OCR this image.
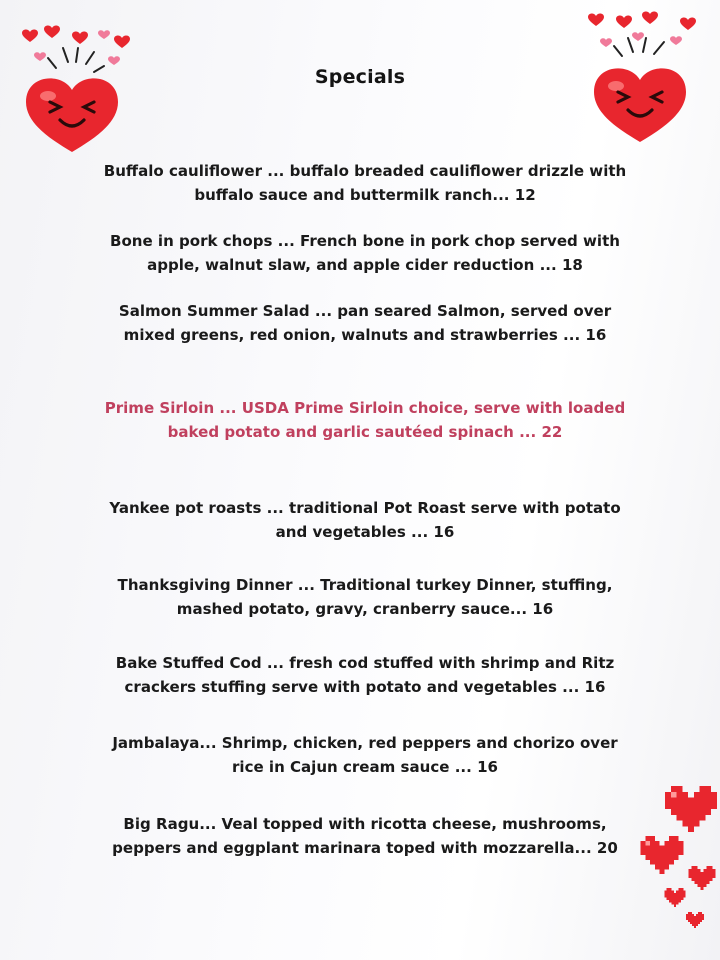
Specials
Buffalo cauliflower ... buffalo breaded cauliflower drizzle with
buffalo sauce and buttermilk ranch... 12
Bone in pork chops ... French bone in pork chop served with
apple, walnut slaw, and apple cider reduction ... 18
Salmon Summer Salad ... pan seared Salmon, served over
mixed greens, red onion, walnuts and strawberries ... 16
Prime Sirloin ... USDA Prime Sirloin choice, serve with loaded
baked potato and garlic sautéed spinach ... 22
Yankee pot roasts ... traditional Pot Roast serve with potato
and vegetables ... 16
Thanksgiving Dinner ... Traditional turkey Dinner, stuffing,
mashed potato, gravy, cranberry sauce... 16
Bake Stuffed Cod ... fresh cod stuffed with shrimp and Ritz
crackers stuffing serve with potato and vegetables ... 16
Jambalaya... Shrimp, chicken, red peppers and chorizo over
rice in Cajun cream sauce ... 16
Big Ragu... Veal topped with ricotta cheese, mushrooms,
peppers and eggplant marinara toped with mozzarella... 20
